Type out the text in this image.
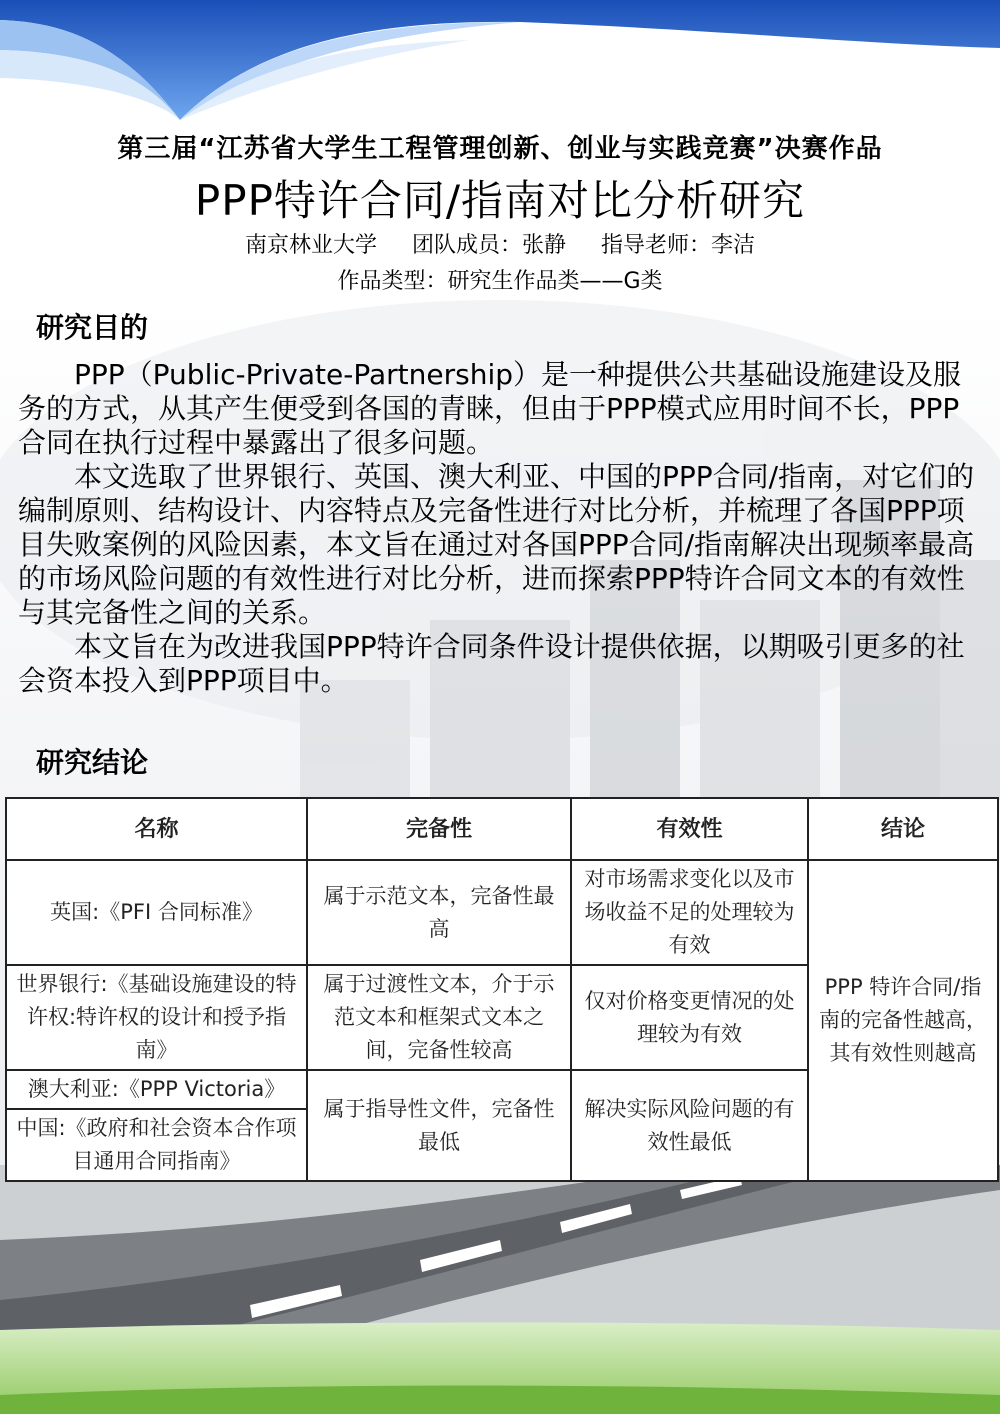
第三届“江苏省大学生工程管理创新、创业与实践竞赛”决赛作品
PPP特许合同/指南对比分析研究
南京林业大学 团队成员：张静 指导老师：李洁
作品类型：研究生作品类——G类
研究目的

PPP（Public-Private-Partnership）是一种提供公共基础设施建设及服务的方式，从其产生便受到各国的青睐，但由于PPP模式应用时间不长，PPP合同在执行过程中暴露出了很多问题。

本文选取了世界银行、英国、澳大利亚、中国的PPP合同/指南，对它们的编制原则、结构设计、内容特点及完备性进行对比分析，并梳理了各国PPP项目失败案例的风险因素，本文旨在通过对各国PPP合同/指南解决出现频率最高的市场风险问题的有效性进行对比分析，进而探索PPP特许合同文本的有效性与其完备性之间的关系。

本文旨在为改进我国PPP特许合同条件设计提供依据，以期吸引更多的社会资本投入到PPP项目中。

研究结论
名称	完备性	有效性	结论
英国:《PFI 合同标准》	属于示范文本，完备性最高	对市场需求变化以及市场收益不足的处理较为有效	PPP 特许合同/指南的完备性越高，其有效性则越高
世界银行:《基础设施建设的特许权:特许权的设计和授予指南》	属于过渡性文本，介于示范文本和框架式文本之间，完备性较高	仅对价格变更情况的处理较为有效	
澳大利亚:《PPP Victoria》	属于指导性文件，完备性最低	解决实际风险问题的有效性最低	
中国:《政府和社会资本合作项目通用合同指南》			
